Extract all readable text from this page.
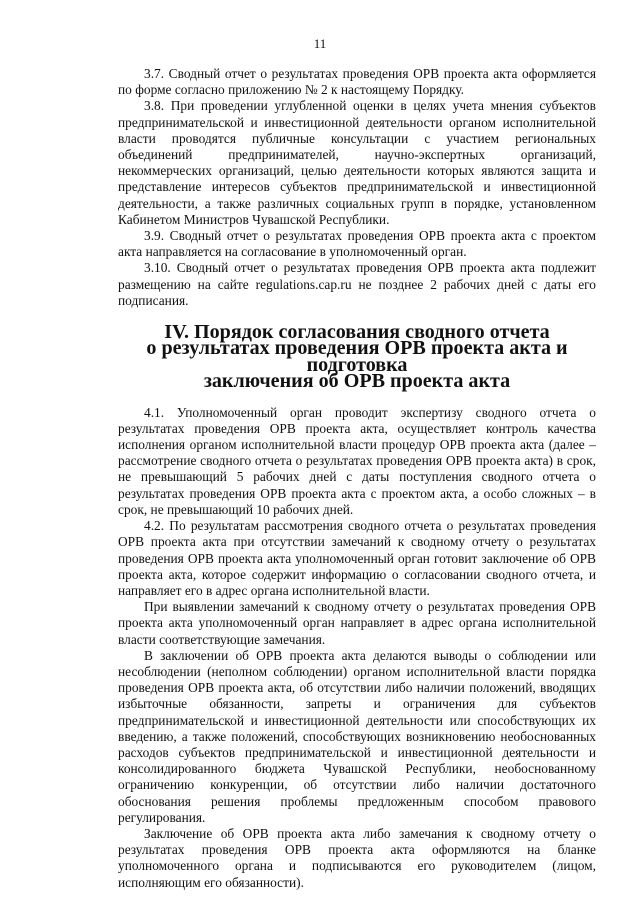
11

3.7. Сводный отчет о результатах проведения ОРВ проекта акта оформляется по форме согласно приложению № 2 к настоящему Порядку.

3.8. При проведении углубленной оценки в целях учета мнения субъектов предпринимательской и инвестиционной деятельности органом исполнительной власти проводятся публичные консультации с участием региональных объединений предпринимателей, научно-экспертных организаций, некоммерческих организаций, целью деятельности которых являются защита и представление интересов субъектов предпринимательской и инвестиционной деятельности, а также различных социальных групп в порядке, установленном Кабинетом Министров Чувашской Республики.

3.9. Сводный отчет о результатах проведения ОРВ проекта акта с проектом акта направляется на согласование в уполномоченный орган.

3.10. Сводный отчет о результатах проведения ОРВ проекта акта подлежит размещению на сайте regulations.cap.ru не позднее 2 рабочих дней с даты его подписания.

IV. Порядок согласования сводного отчета
о результатах проведения ОРВ проекта акта и подготовка
заключения об ОРВ проекта акта

4.1. Уполномоченный орган проводит экспертизу сводного отчета о результатах проведения ОРВ проекта акта, осуществляет контроль качества исполнения органом исполнительной власти процедур ОРВ проекта акта (далее – рассмотрение сводного отчета о результатах проведения ОРВ проекта акта) в срок, не превышающий 5 рабочих дней с даты поступления сводного отчета о результатах проведения ОРВ проекта акта с проектом акта, а особо сложных – в срок, не превышающий 10 рабочих дней.

4.2. По результатам рассмотрения сводного отчета о результатах проведения ОРВ проекта акта при отсутствии замечаний к сводному отчету о результатах проведения ОРВ проекта акта уполномоченный орган готовит заключение об ОРВ проекта акта, которое содержит информацию о согласовании сводного отчета, и направляет его в адрес органа исполнительной власти.

При выявлении замечаний к сводному отчету о результатах проведения ОРВ проекта акта уполномоченный орган направляет в адрес органа исполнительной власти соответствующие замечания.

В заключении об ОРВ проекта акта делаются выводы о соблюдении или несоблюдении (неполном соблюдении) органом исполнительной власти порядка проведения ОРВ проекта акта, об отсутствии либо наличии положений, вводящих избыточные обязанности, запреты и ограничения для субъектов предпринимательской и инвестиционной деятельности или способствующих их введению, а также положений, способствующих возникновению необоснованных расходов субъектов предпринимательской и инвестиционной деятельности и консолидированного бюджета Чувашской Республики, необоснованному ограничению конкуренции, об отсутствии либо наличии достаточного обоснования решения проблемы предложенным способом правового регулирования.

Заключение об ОРВ проекта акта либо замечания к сводному отчету о результатах проведения ОРВ проекта акта оформляются на бланке уполномоченного органа и подписываются его руководителем (лицом, исполняющим его обязанности).
